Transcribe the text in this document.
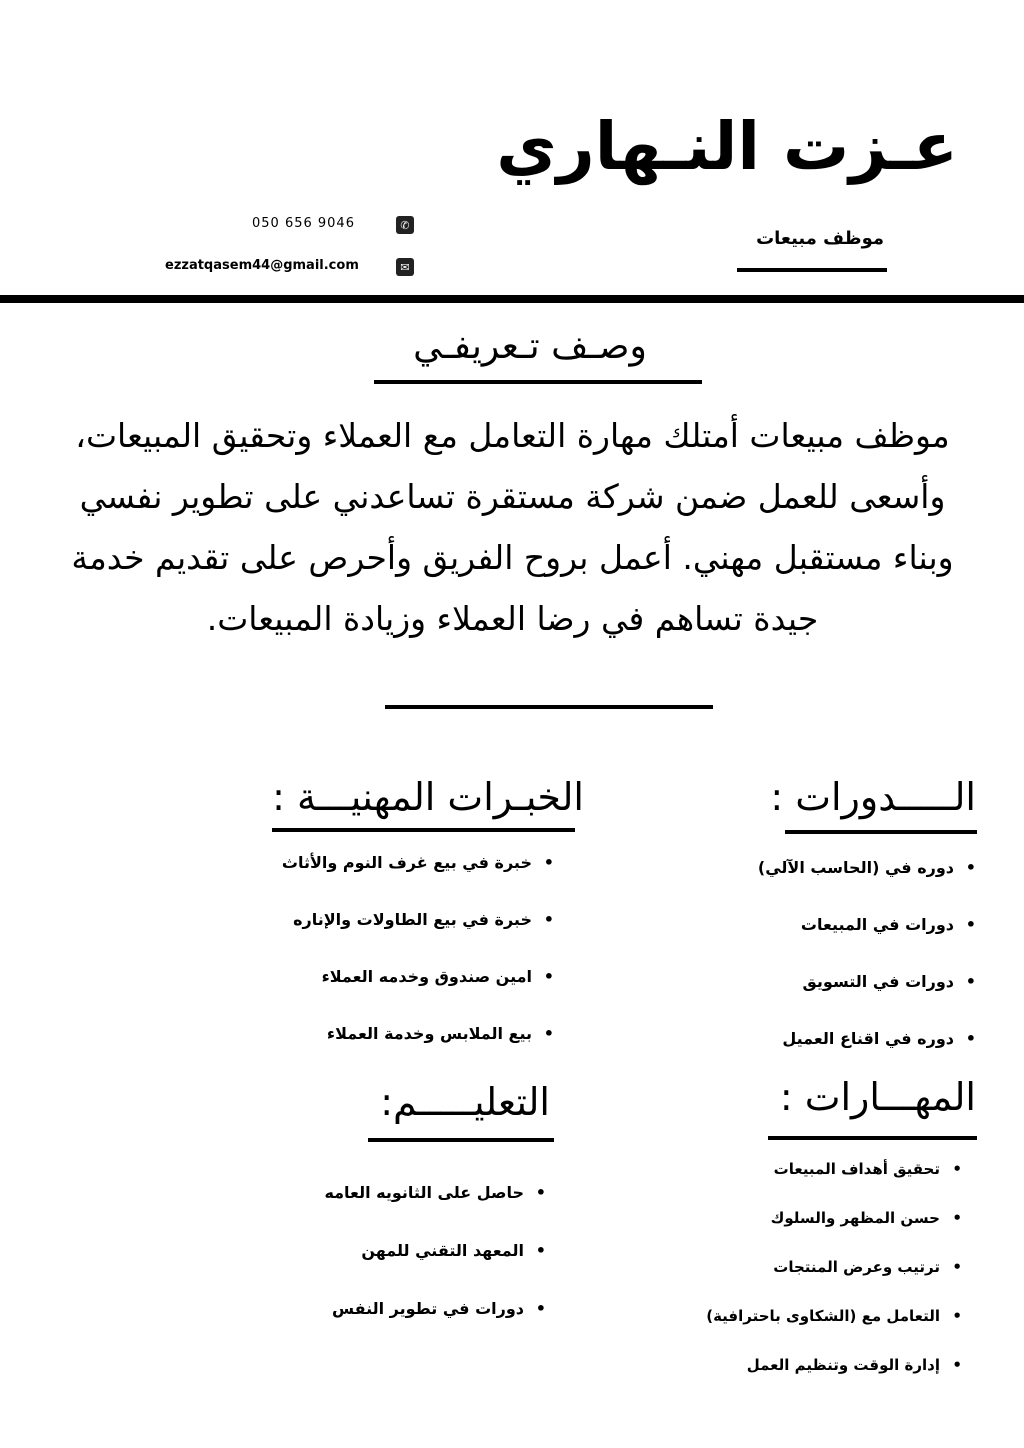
عـزت النـهاري
موظف مبيعات
050 656 9046	✆
ezzatqasem44@gmail.com	✉
وصـف تـعريفـي
موظف مبيعات أمتلك مهارة التعامل مع العملاء وتحقيق المبيعات، وأسعى للعمل ضمن شركة مستقرة تساعدني على تطوير نفسي وبناء مستقبل مهني. أعمل بروح الفريق وأحرص على تقديم خدمة جيدة تساهم في رضا العملاء وزيادة المبيعات.
الـــــدورات :
• دوره في (الحاسب الآلي)
• دورات في المبيعات
• دورات في التسويق
• دوره في اقناع العميل
الخبـرات المهنيـــة :
• خبرة في بيع غرف النوم والأثاث
• خبرة في بيع الطاولات والإناره
• امين صندوق وخدمه العملاء
• بيع الملابس وخدمة العملاء
المهـــارات :
• تحقيق أهداف المبيعات
• حسن المظهر والسلوك
• ترتيب وعرض المنتجات
• التعامل مع (الشكاوى باحترافية)
• إدارة الوقت وتنظيم العمل
التعليـــــم:
• حاصل على الثانويه العامه
• المعهد التقني للمهن
• دورات في تطوير النفس
